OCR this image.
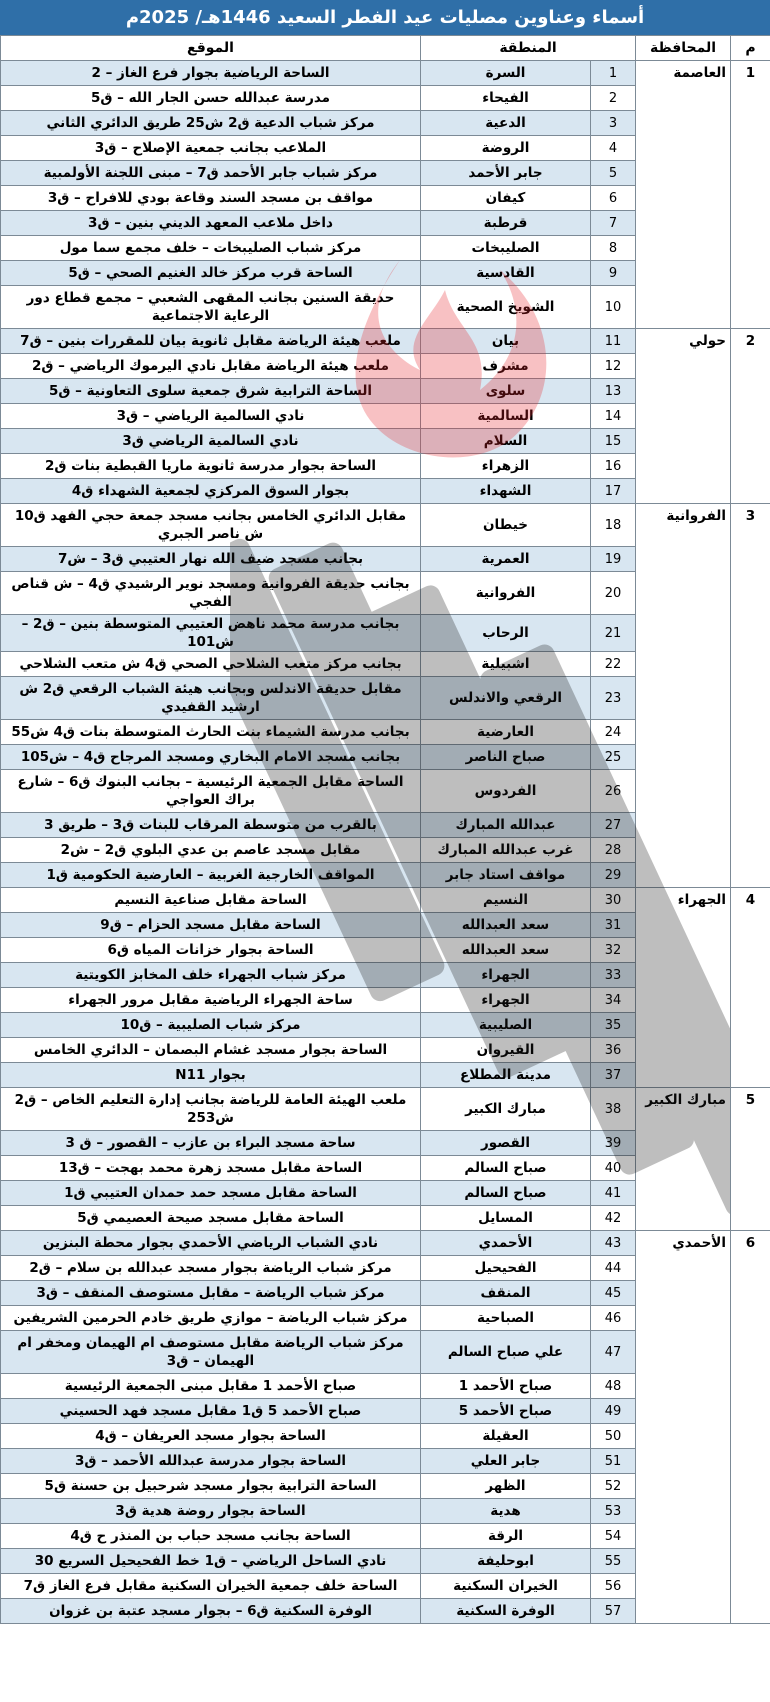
أسماء وعناوين مصليات عيد الفطر السعيد 1446هـ/ 2025م
م	المحافظة	المنطقة		الموقع
1	العاصمة	1	السرة	الساحة الرياضية بجوار فرع الغاز – 2
		2	الفيحاء	مدرسة عبدالله حسن الجار الله – ق5
		3	الدعية	مركز شباب الدعية ق2 ش25 طريق الدائري الثاني
		4	الروضة	الملاعب بجانب جمعية الإصلاح – ق3
		5	جابر الأحمد	مركز شباب جابر الأحمد ق7 – مبنى اللجنة الأولمبية
		6	كيفان	مواقف بن مسجد السند وقاعة بودي للافراح – ق3
		7	قرطبة	داخل ملاعب المعهد الديني بنين – ق3
		8	الصليبخات	مركز شباب الصليبخات – خلف مجمع سما مول
		9	القادسية	الساحة قرب مركز خالد الغنيم الصحي – ق5
		10	الشويخ الصحية	حديقة السنين بجانب المقهى الشعبي – مجمع قطاع دور الرعاية الاجتماعية
2	حولي	11	بيان	ملعب هيئة الرياضة مقابل ثانوية بيان للمقررات بنين – ق7
		12	مشرف	ملعب هيئة الرياضة مقابل نادي اليرموك الرياضي – ق2
		13	سلوى	الساحة الترابية شرق جمعية سلوى التعاونية – ق5
		14	السالمية	نادي السالمية الرياضي – ق3
		15	السلام	نادي السالمية الرياضي ق3
		16	الزهراء	الساحة بجوار مدرسة ثانوية ماريا القبطية بنات ق2
		17	الشهداء	بجوار السوق المركزي لجمعية الشهداء ق4
3	الفروانية	18	خيطان	مقابل الدائري الخامس بجانب مسجد جمعة حجي الفهد ق10 ش ناصر الجبري
		19	العمرية	بجانب مسجد ضيف الله نهار العتيبي ق3 – ش7
		20	الفروانية	بجانب حديقة الفروانية ومسجد نوير الرشيدي ق4 – ش قناص الفجي
		21	الرحاب	بجانب مدرسة محمد ناهض العتيبي المتوسطة بنين – ق2 – ش101
		22	اشبيلية	بجانب مركز متعب الشلاحي الصحي ق4 ش متعب الشلاحي
		23	الرقعي والاندلس	مقابل حديقة الاندلس وبجانب هيئة الشباب الرقعي ق2 ش ارشيد القفيدي
		24	العارضية	بجانب مدرسة الشيماء بنت الحارث المتوسطة بنات ق4 ش55
		25	صباح الناصر	بجانب مسجد الامام البخاري ومسجد المرجاح ق4 – ش105
		26	الفردوس	الساحة مقابل الجمعية الرئيسية – بجانب البنوك ق6 – شارع براك العواجي
		27	عبدالله المبارك	بالقرب من متوسطة المرقاب للبنات ق3 – طريق 3
		28	غرب عبدالله المبارك	مقابل مسجد عاصم بن عدي البلوي ق2 – ش2
		29	مواقف استاد جابر	المواقف الخارجية الغربية – العارضية الحكومية ق1
4	الجهراء	30	النسيم	الساحة مقابل صناعية النسيم
		31	سعد العبدالله	الساحة مقابل مسجد الحزام – ق9
		32	سعد العبدالله	الساحة بجوار خزانات المياه ق6
		33	الجهراء	مركز شباب الجهراء خلف المخابز الكويتية
		34	الجهراء	ساحة الجهراء الرياضية مقابل مرور الجهراء
		35	الصليبية	مركز شباب الصليبية – ق10
		36	القيروان	الساحة بجوار مسجد غشام البصمان – الدائري الخامس
		37	مدينة المطلاع	بجوار N11
5	مبارك الكبير	38	مبارك الكبير	ملعب الهيئة العامة للرياضة بجانب إدارة التعليم الخاص – ق2 ش253
		39	القصور	ساحة مسجد البراء بن عازب – القصور – ق 3
		40	صباح السالم	الساحة مقابل مسجد زهرة محمد بهجت – ق13
		41	صباح السالم	الساحة مقابل مسجد حمد حمدان العتيبي ق1
		42	المسايل	الساحة مقابل مسجد صيحة العصيمي ق5
6	الأحمدي	43	الأحمدي	نادي الشباب الرياضي الأحمدي بجوار محطة البنزين
		44	الفحيحيل	مركز شباب الرياضة بجوار مسجد عبدالله بن سلام – ق2
		45	المنقف	مركز شباب الرياضة – مقابل مستوصف المنقف – ق3
		46	الصباحية	مركز شباب الرياضة – موازي طريق خادم الحرمين الشريفين
		47	علي صباح السالم	مركز شباب الرياضة مقابل مستوصف ام الهيمان ومخفر ام الهيمان – ق3
		48	صباح الأحمد 1	صباح الأحمد 1 مقابل مبنى الجمعية الرئيسية
		49	صباح الأحمد 5	صباح الأحمد 5 ق1 مقابل مسجد فهد الحسيني
		50	العقيلة	الساحة بجوار مسجد العريفان – ق4
		51	جابر العلي	الساحة بجوار مدرسة عبدالله الأحمد – ق3
		52	الظهر	الساحة الترابية بجوار مسجد شرحبيل بن حسنة ق5
		53	هدية	الساحة بجوار روضة هدية ق3
		54	الرقة	الساحة بجانب مسجد حباب بن المنذر ح ق4
		55	ابوحليفة	نادي الساحل الرياضي – ق1 خط الفحيحيل السريع 30
		56	الخيران السكنية	الساحة خلف جمعية الخيران السكنية مقابل فرع الغاز ق7
		57	الوفرة السكنية	الوفرة السكنية ق6 – بجوار مسجد عتبة بن غزوان
